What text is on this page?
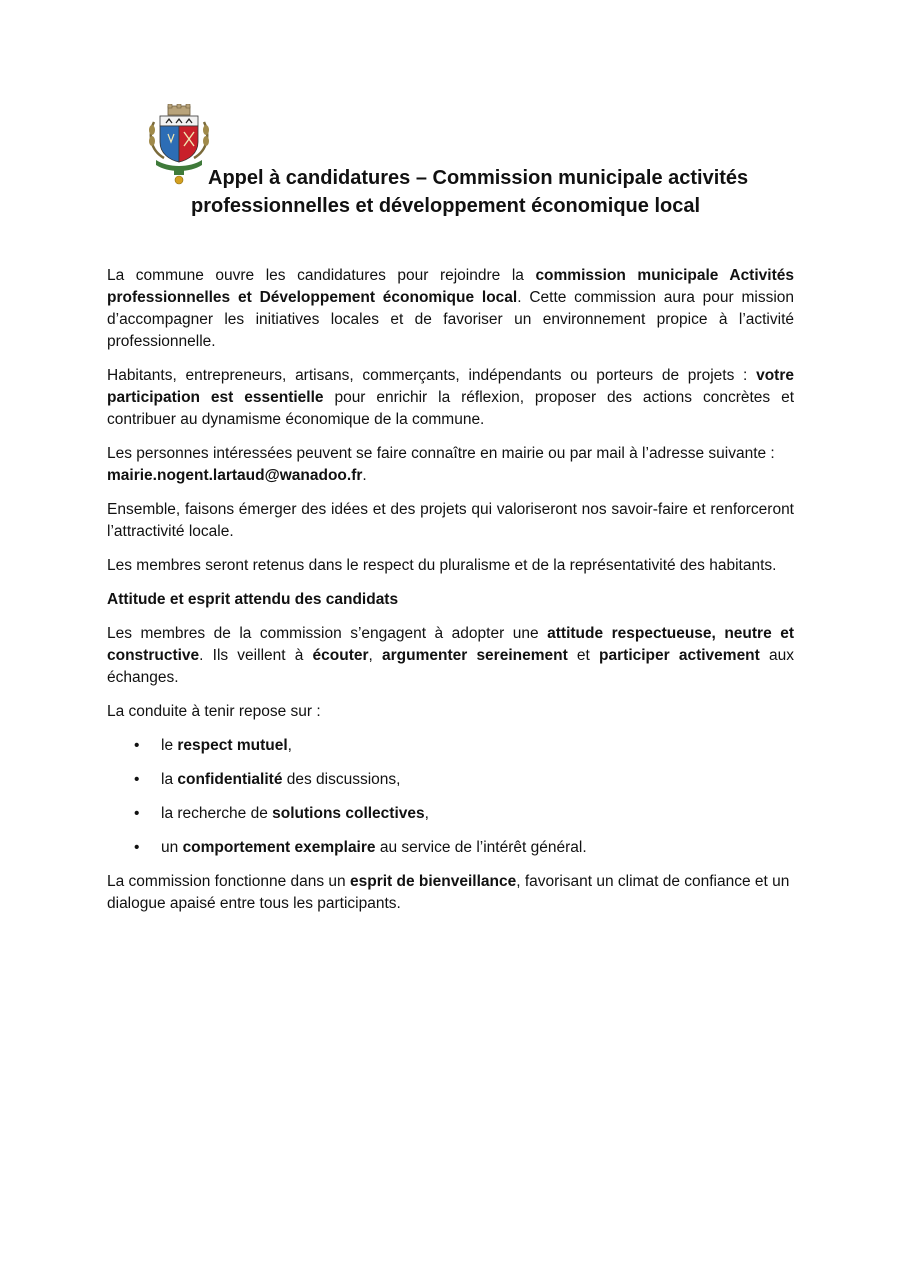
Appel à candidatures – Commission municipale activités
professionnelles et développement économique local

La commune ouvre les candidatures pour rejoindre la commission municipale Activités professionnelles et Développement économique local. Cette commission aura pour mission d’accompagner les initiatives locales et de favoriser un environnement propice à l’activité professionnelle.

Habitants, entrepreneurs, artisans, commerçants, indépendants ou porteurs de projets : votre participation est essentielle pour enrichir la réflexion, proposer des actions concrètes et contribuer au dynamisme économique de la commune.

Les personnes intéressées peuvent se faire connaître en mairie ou par mail à l’adresse suivante : mairie.nogent.lartaud@wanadoo.fr.

Ensemble, faisons émerger des idées et des projets qui valoriseront nos savoir-faire et renforceront l’attractivité locale.

Les membres seront retenus dans le respect du pluralisme et de la représentativité des habitants.

Attitude et esprit attendu des candidats

Les membres de la commission s’engagent à adopter une attitude respectueuse, neutre et constructive. Ils veillent à écouter, argumenter sereinement et participer activement aux échanges.

La conduite à tenir repose sur :

• le respect mutuel,
• la confidentialité des discussions,
• la recherche de solutions collectives,
• un comportement exemplaire au service de l’intérêt général.

La commission fonctionne dans un esprit de bienveillance, favorisant un climat de confiance et un dialogue apaisé entre tous les participants.
